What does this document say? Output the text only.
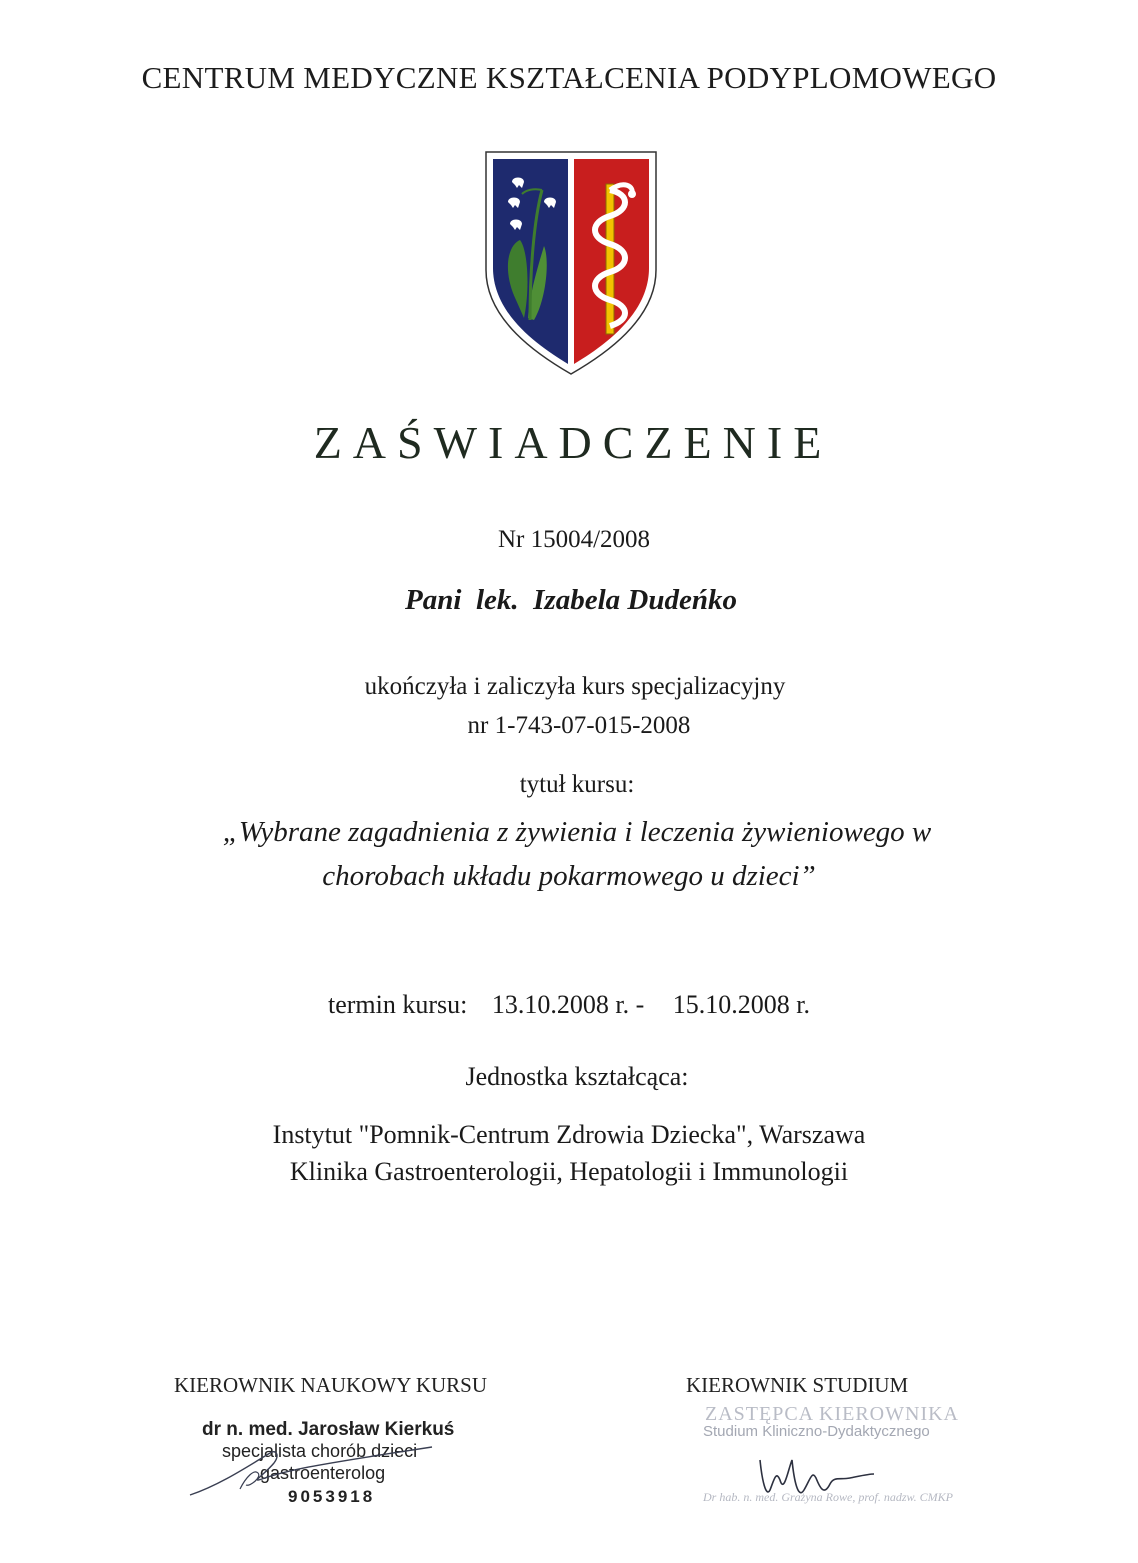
CENTRUM MEDYCZNE KSZTAŁCENIA PODYPLOMOWEGO
ZAŚWIADCZENIE
Nr 15004/2008
Pani  lek.  Izabela Dudeńko
ukończyła i zaliczyła kurs specjalizacyjny
nr 1-743-07-015-2008
tytuł kursu:
„Wybrane zagadnienia z żywienia i leczenia żywieniowego w
chorobach układu pokarmowego u dzieci”
termin kursu: 13.10.2008 r. - 15.10.2008 r.
Jednostka kształcąca:
Instytut "Pomnik-Centrum Zdrowia Dziecka", Warszawa
Klinika Gastroenterologii, Hepatologii i Immunologii
KIEROWNIK NAUKOWY KURSU
dr n. med. Jarosław Kierkuś
specjalista chorób dzieci
gastroenterolog
9053918
KIEROWNIK STUDIUM
ZASTĘPCA KIEROWNIKA
Studium Kliniczno-Dydaktycznego
Dr hab. n. med. Grażyna Rowe, prof. nadzw. CMKP
